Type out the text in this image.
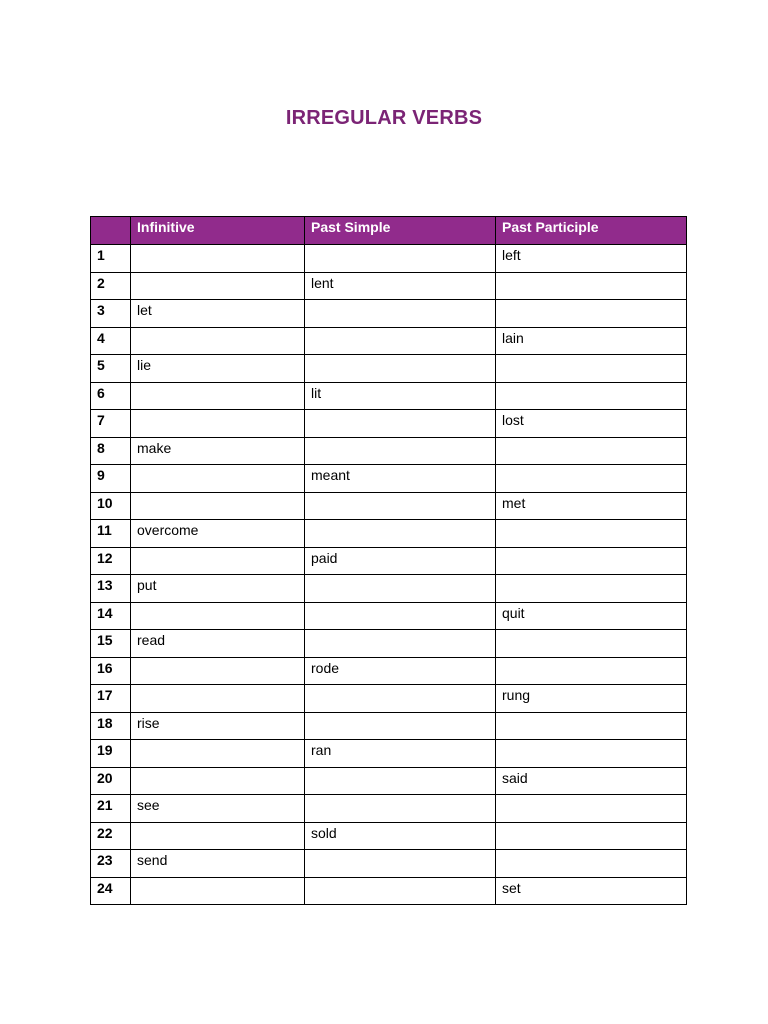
IRREGULAR VERBS
	Infinitive	Past Simple	Past Participle
1			left
2		lent	
3	let		
4			lain
5	lie		
6		lit	
7			lost
8	make		
9		meant	
10			met
11	overcome		
12		paid	
13	put		
14			quit
15	read		
16		rode	
17			rung
18	rise		
19		ran	
20			said
21	see		
22		sold	
23	send		
24			set
